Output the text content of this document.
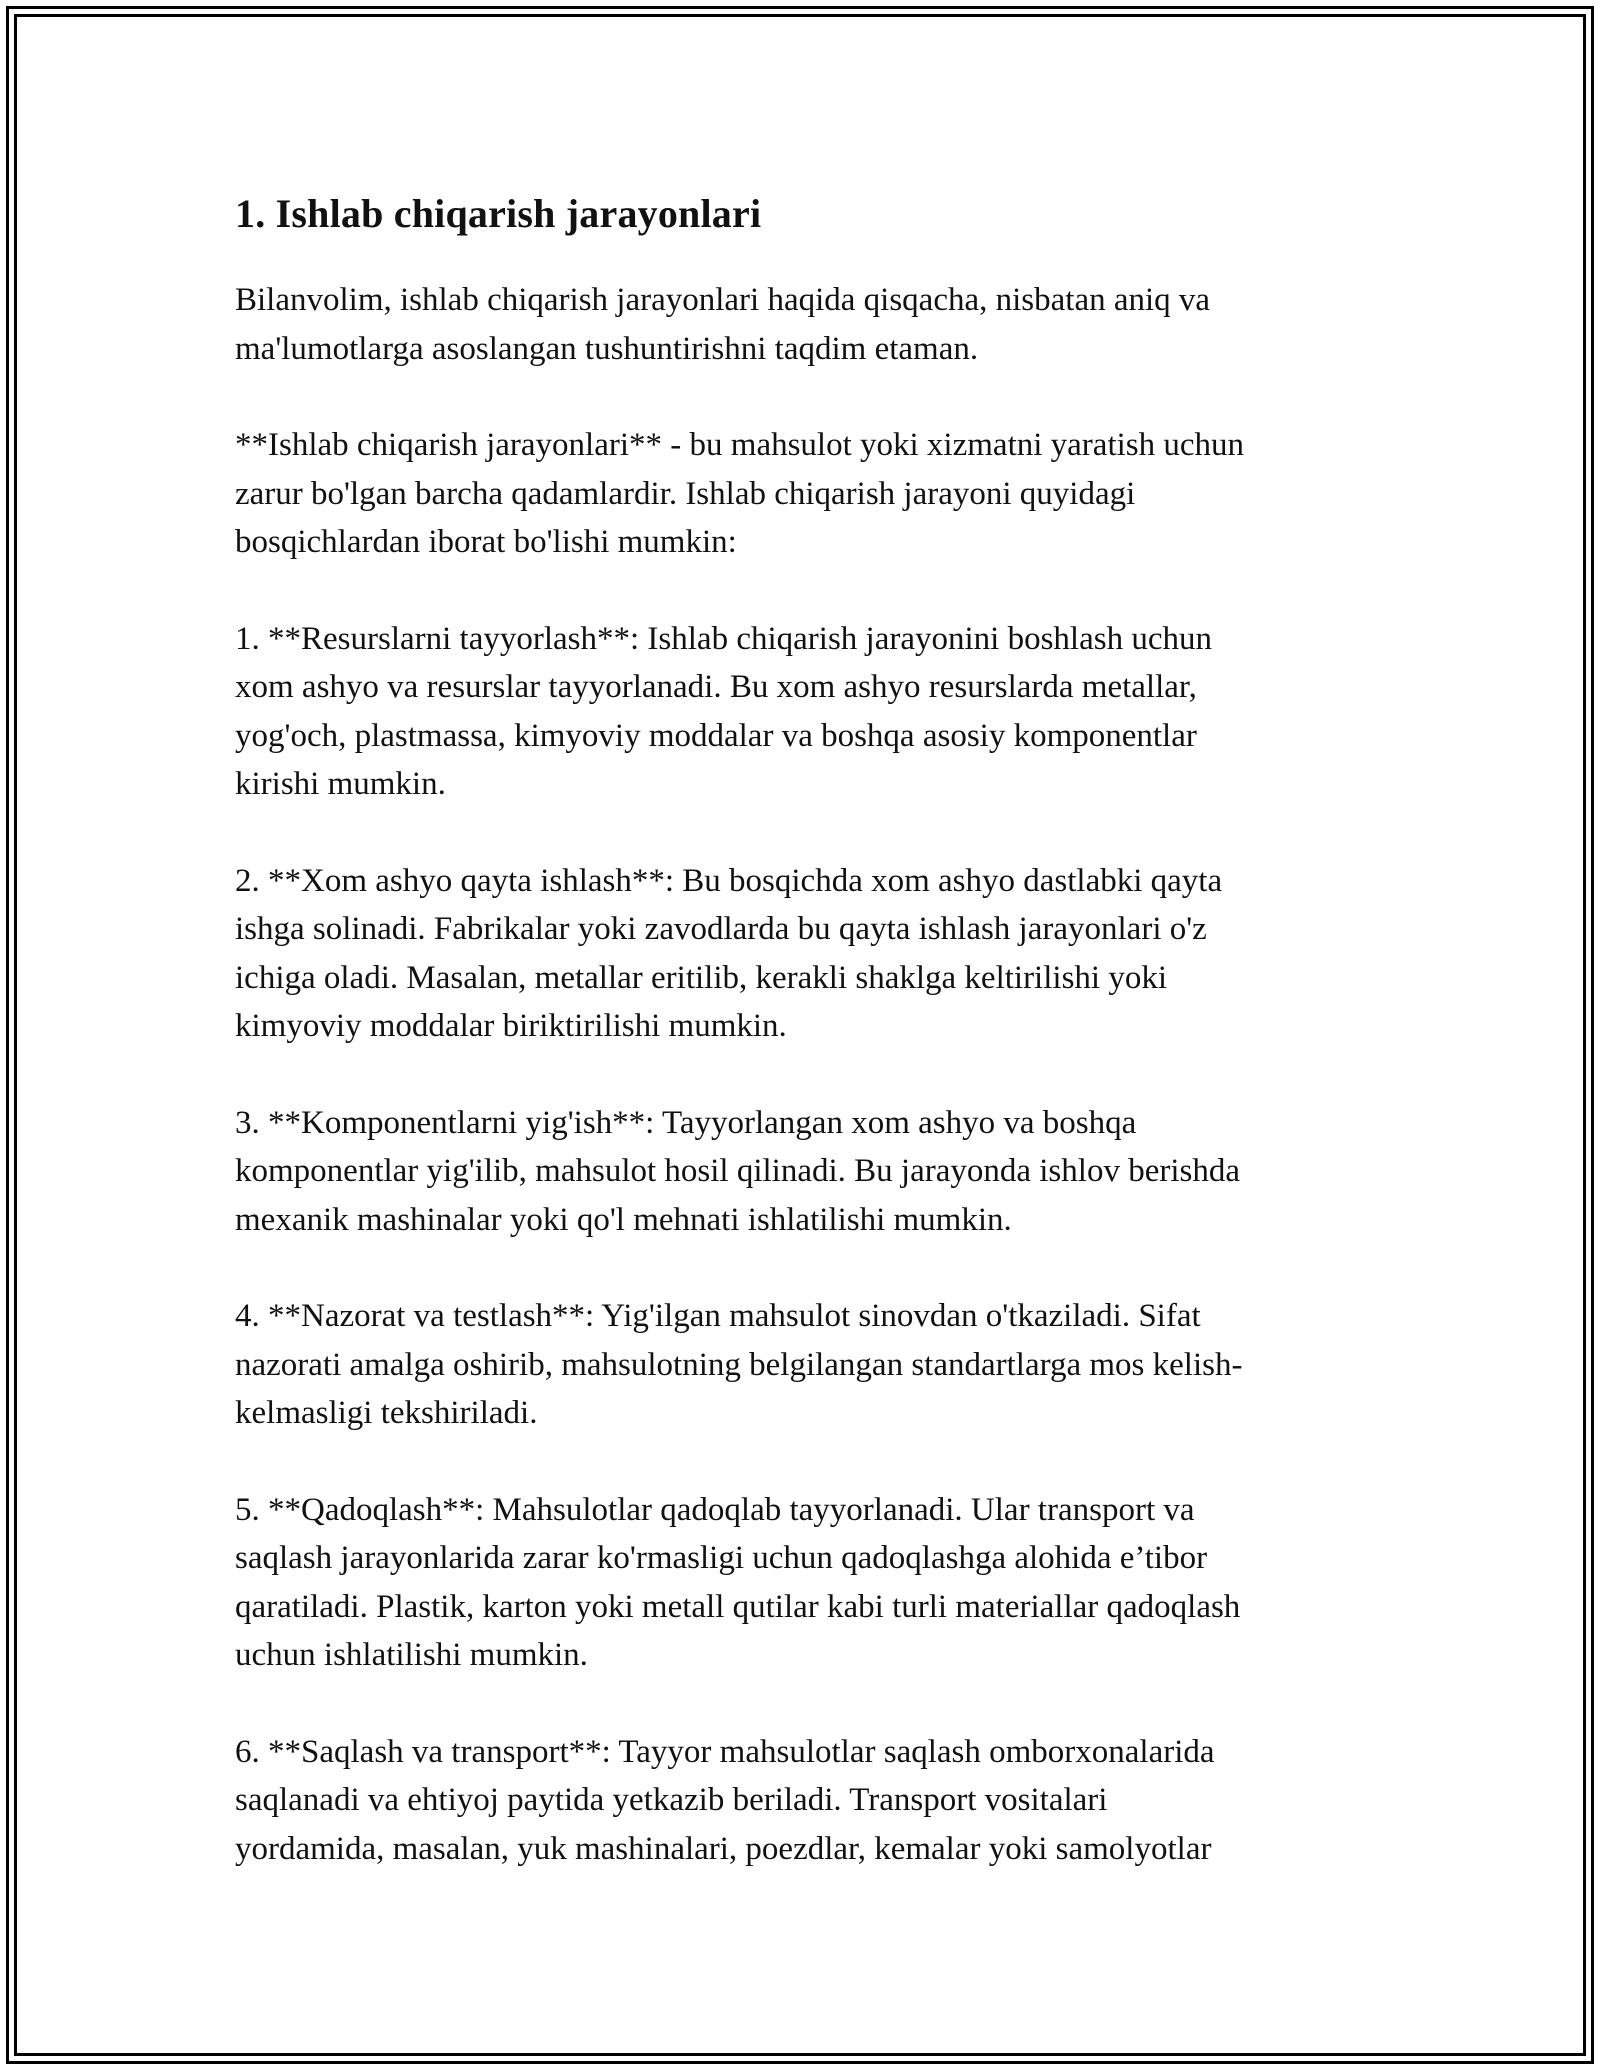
1. Ishlab chiqarish jarayonlari

Bilanvolim, ishlab chiqarish jarayonlari haqida qisqacha, nisbatan aniq va
ma'lumotlarga asoslangan tushuntirishni taqdim etaman.

**Ishlab chiqarish jarayonlari** - bu mahsulot yoki xizmatni yaratish uchun
zarur bo'lgan barcha qadamlardir. Ishlab chiqarish jarayoni quyidagi
bosqichlardan iborat bo'lishi mumkin:

1. **Resurslarni tayyorlash**: Ishlab chiqarish jarayonini boshlash uchun
xom ashyo va resurslar tayyorlanadi. Bu xom ashyo resurslarda metallar,
yog'och, plastmassa, kimyoviy moddalar va boshqa asosiy komponentlar
kirishi mumkin.

2. **Xom ashyo qayta ishlash**: Bu bosqichda xom ashyo dastlabki qayta
ishga solinadi. Fabrikalar yoki zavodlarda bu qayta ishlash jarayonlari o'z
ichiga oladi. Masalan, metallar eritilib, kerakli shaklga keltirilishi yoki
kimyoviy moddalar biriktirilishi mumkin.

3. **Komponentlarni yig'ish**: Tayyorlangan xom ashyo va boshqa
komponentlar yig'ilib, mahsulot hosil qilinadi. Bu jarayonda ishlov berishda
mexanik mashinalar yoki qo'l mehnati ishlatilishi mumkin.

4. **Nazorat va testlash**: Yig'ilgan mahsulot sinovdan o'tkaziladi. Sifat
nazorati amalga oshirib, mahsulotning belgilangan standartlarga mos kelish-
kelmasligi tekshiriladi.

5. **Qadoqlash**: Mahsulotlar qadoqlab tayyorlanadi. Ular transport va
saqlash jarayonlarida zarar ko'rmasligi uchun qadoqlashga alohida e’tibor
qaratiladi. Plastik, karton yoki metall qutilar kabi turli materiallar qadoqlash
uchun ishlatilishi mumkin.

6. **Saqlash va transport**: Tayyor mahsulotlar saqlash omborxonalarida
saqlanadi va ehtiyoj paytida yetkazib beriladi. Transport vositalari
yordamida, masalan, yuk mashinalari, poezdlar, kemalar yoki samolyotlar
